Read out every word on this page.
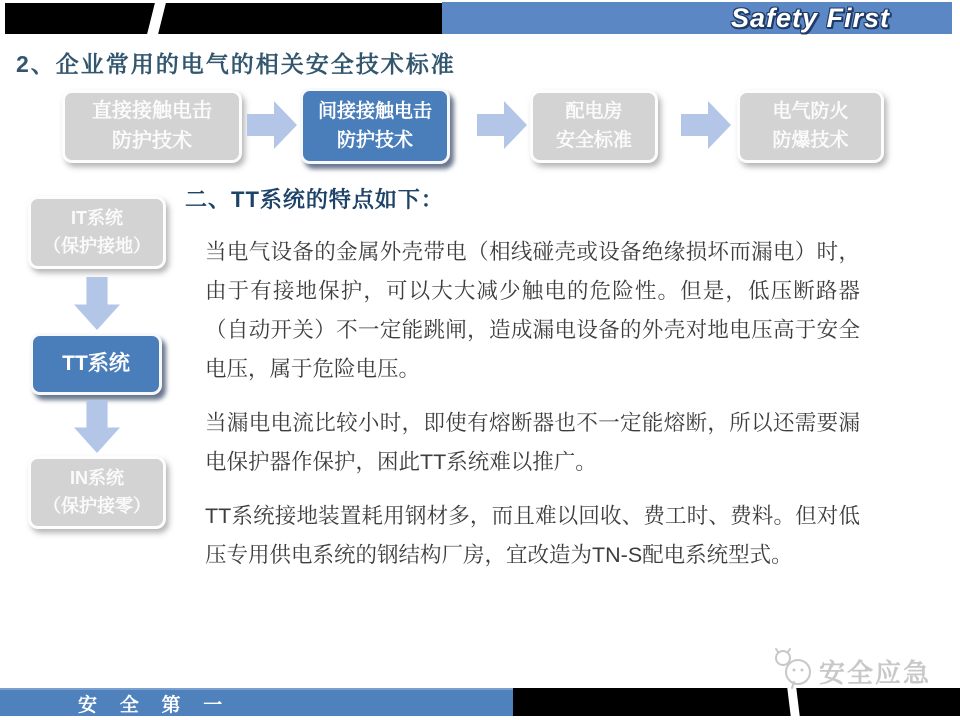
Safety First
2、企业常用的电气的相关安全技术标准
直接接触电击
防护技术
间接接触电击
防护技术
配电房
安全标准
电气防火
防爆技术
IT系统
（保护接地）
TT系统
IN系统
（保护接零）
二、TT系统的特点如下：

当电气设备的金属外壳带电（相线碰壳或设备绝缘损坏而漏电）时，由于有接地保护，可以大大减少触电的危险性。但是，低压断路器（自动开关）不一定能跳闸，造成漏电设备的外壳对地电压高于安全电压，属于危险电压。

当漏电电流比较小时，即使有熔断器也不一定能熔断，所以还需要漏电保护器作保护，困此TT系统难以推广。

TT系统接地装置耗用钢材多，而且难以回收、费工时、费料。但对低压专用供电系统的钢结构厂房，宜改造为TN-S配电系统型式。

安全应急
安 全 第 一
